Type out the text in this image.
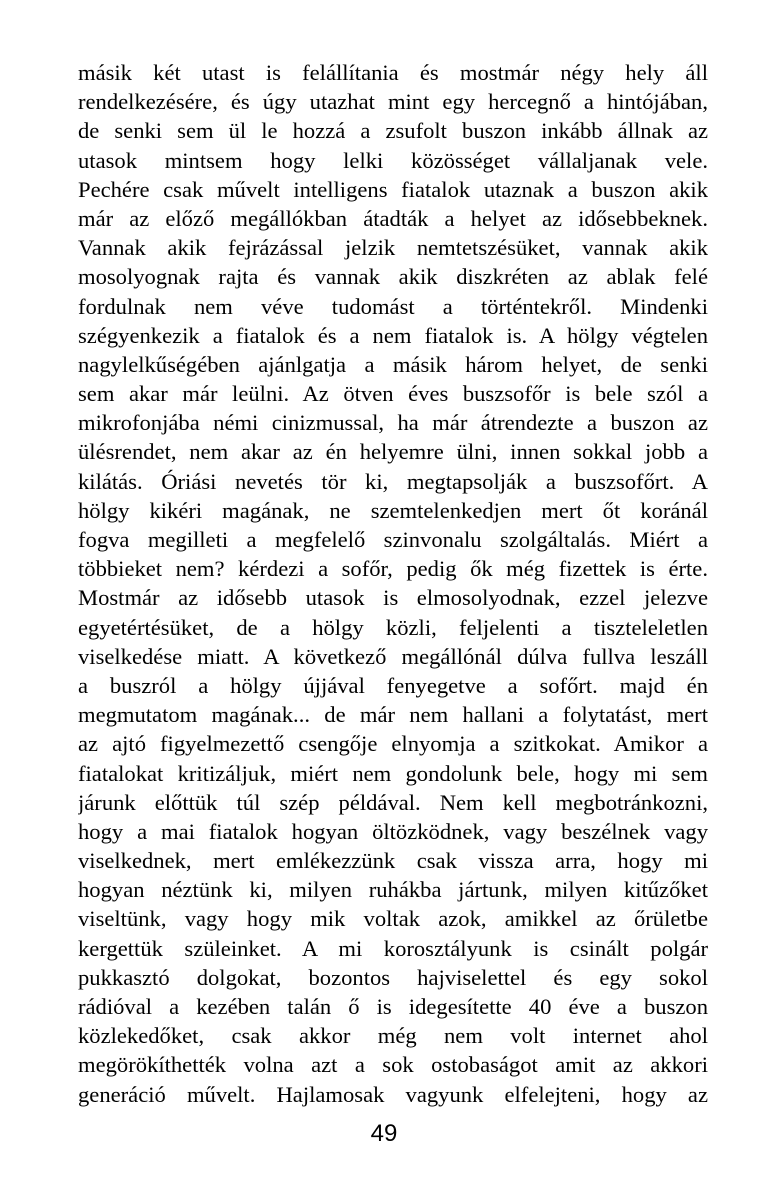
másik két utast is felállítania és mostmár négy hely áll
rendelkezésére, és úgy utazhat mint egy hercegnő a hintójában,
de senki sem ül le hozzá a zsufolt buszon inkább állnak az
utasok mintsem hogy lelki közösséget vállaljanak vele.
Pechére csak művelt intelligens fiatalok utaznak a buszon akik
már az előző megállókban átadták a helyet az idősebbeknek.
Vannak akik fejrázással jelzik nemtetszésüket, vannak akik
mosolyognak rajta és vannak akik diszkréten az ablak felé
fordulnak nem véve tudomást a történtekről. Mindenki
szégyenkezik a fiatalok és a nem fiatalok is. A hölgy végtelen
nagylelkűségében ajánlgatja a másik három helyet, de senki
sem akar már leülni. Az ötven éves buszsofőr is bele szól a
mikrofonjába némi cinizmussal, ha már átrendezte a buszon az
ülésrendet, nem akar az én helyemre ülni, innen sokkal jobb a
kilátás. Óriási nevetés tör ki, megtapsolják a buszsofőrt. A
hölgy kikéri magának, ne szemtelenkedjen mert őt koránál
fogva megilleti a megfelelő szinvonalu szolgáltalás. Miért a
többieket nem? kérdezi a sofőr, pedig ők még fizettek is érte.
Mostmár az idősebb utasok is elmosolyodnak, ezzel jelezve
egyetértésüket, de a hölgy közli, feljelenti a tiszteleletlen
viselkedése miatt. A következő megállónál dúlva fullva leszáll
a buszról a hölgy újjával fenyegetve a sofőrt. majd én
megmutatom magának... de már nem hallani a folytatást, mert
az ajtó figyelmezettő csengője elnyomja a szitkokat. Amikor a
fiatalokat kritizáljuk, miért nem gondolunk bele, hogy mi sem
járunk előttük túl szép példával. Nem kell megbotránkozni,
hogy a mai fiatalok hogyan öltözködnek, vagy beszélnek vagy
viselkednek, mert emlékezzünk csak vissza arra, hogy mi
hogyan néztünk ki, milyen ruhákba jártunk, milyen kitűzőket
viseltünk, vagy hogy mik voltak azok, amikkel az őrületbe
kergettük szüleinket. A mi korosztályunk is csinált polgár
pukkasztó dolgokat, bozontos hajviselettel és egy sokol
rádióval a kezében talán ő is idegesítette 40 éve a buszon
közlekedőket, csak akkor még nem volt internet ahol
megörökíthették volna azt a sok ostobaságot amit az akkori
generáció művelt. Hajlamosak vagyunk elfelejteni, hogy az
49
